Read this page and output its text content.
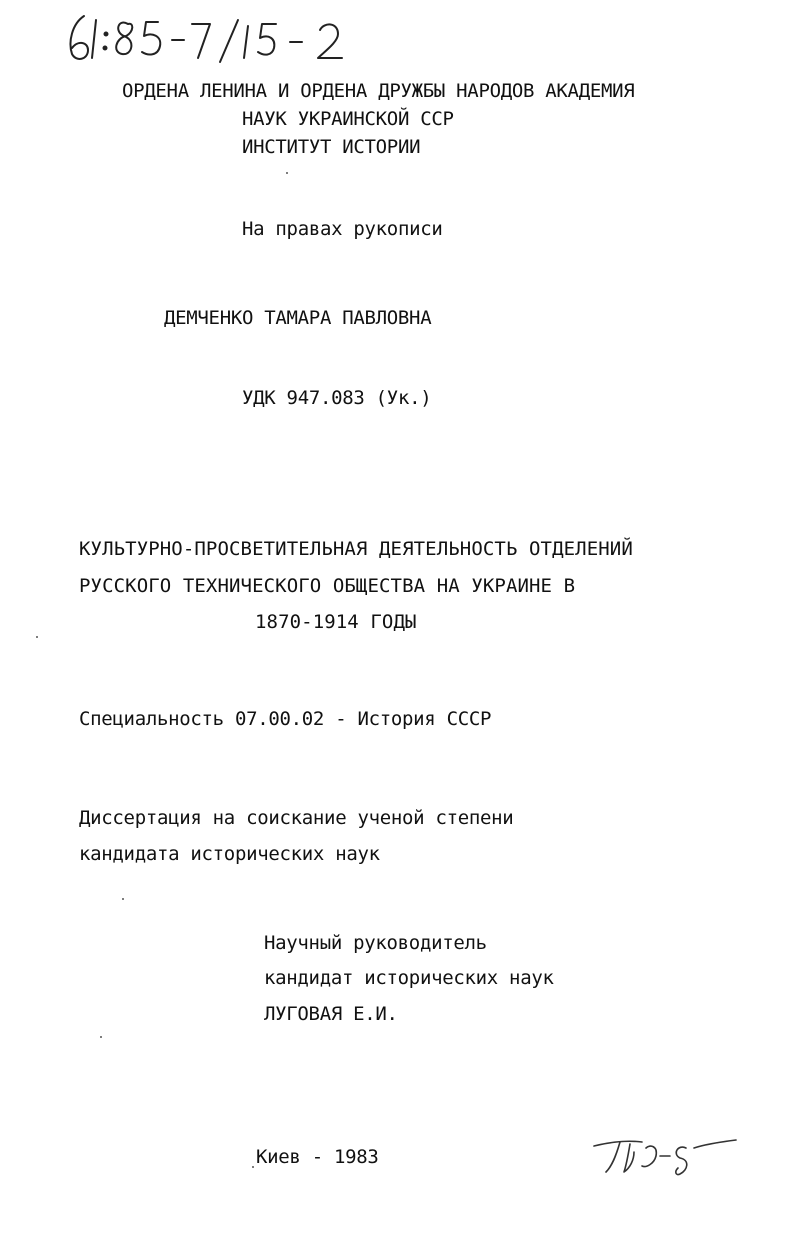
ОРДЕНА ЛЕНИНА И ОРДЕНА ДРУЖБЫ НАРОДОВ АКАДЕМИЯ
НАУК УКРАИНСКОЙ ССР
ИНСТИТУТ ИСТОРИИ
На правах рукописи
ДЕМЧЕНКО ТАМАРА ПАВЛОВНА
УДК 947.083 (Ук.)
КУЛЬТУРНО-ПРОСВЕТИТЕЛЬНАЯ ДЕЯТЕЛЬНОСТЬ ОТДЕЛЕНИЙ
РУССКОГО ТЕХНИЧЕСКОГО ОБЩЕСТВА НА УКРАИНЕ В
1870-1914 ГОДЫ
Специальность 07.00.02 - История СССР
Диссертация на соискание ученой степени
кандидата исторических наук
Научный руководитель
кандидат исторических наук
ЛУГОВАЯ Е.И.
Киев - 1983
